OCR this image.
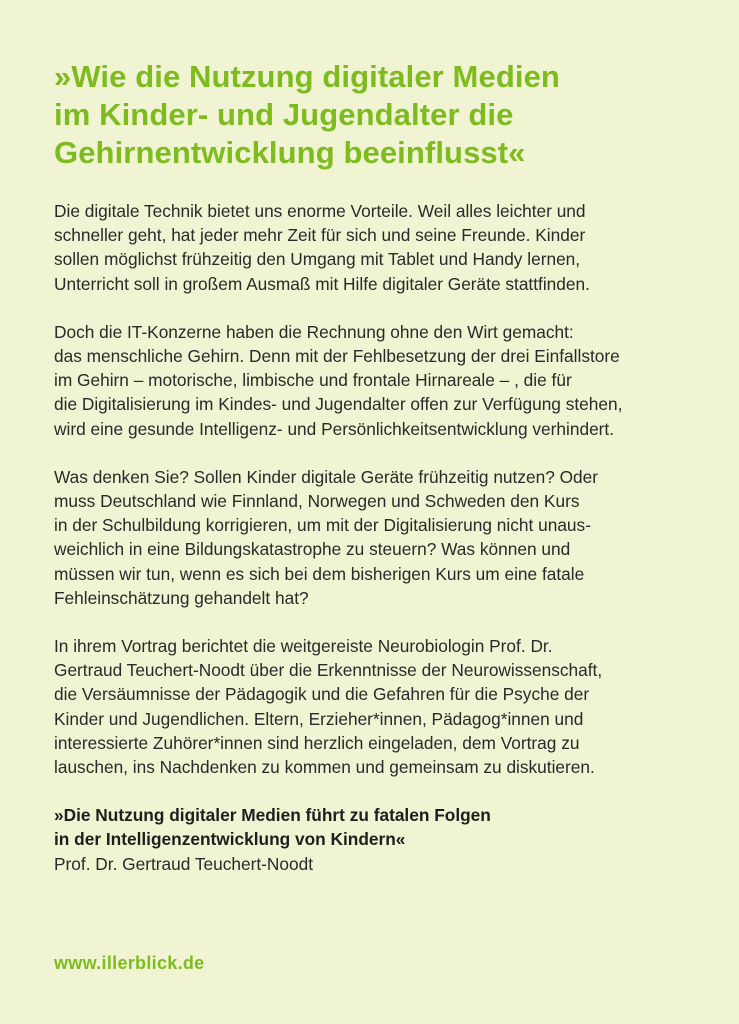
»Wie die Nutzung digitaler Medien
im Kinder- und Jugendalter die
Gehirnentwicklung beeinflusst«

Die digitale Technik bietet uns enorme Vorteile. Weil alles leichter und
schneller geht, hat jeder mehr Zeit für sich und seine Freunde. Kinder
sollen möglichst frühzeitig den Umgang mit Tablet und Handy lernen,
Unterricht soll in großem Ausmaß mit Hilfe digitaler Geräte stattfinden.

Doch die IT-Konzerne haben die Rechnung ohne den Wirt gemacht:
das menschliche Gehirn. Denn mit der Fehlbesetzung der drei Einfallstore
im Gehirn – motorische, limbische und frontale Hirnareale – , die für
die Digitalisierung im Kindes- und Jugendalter offen zur Verfügung stehen,
wird eine gesunde Intelligenz- und Persönlichkeitsentwicklung verhindert.

Was denken Sie? Sollen Kinder digitale Geräte frühzeitig nutzen? Oder
muss Deutschland wie Finnland, Norwegen und Schweden den Kurs
in der Schulbildung korrigieren, um mit der Digitalisierung nicht unaus-
weichlich in eine Bildungskatastrophe zu steuern? Was können und
müssen wir tun, wenn es sich bei dem bisherigen Kurs um eine fatale
Fehleinschätzung gehandelt hat?

In ihrem Vortrag berichtet die weitgereiste Neurobiologin Prof. Dr.
Gertraud Teuchert-Noodt über die Erkenntnisse der Neurowissenschaft,
die Versäumnisse der Pädagogik und die Gefahren für die Psyche der
Kinder und Jugendlichen. Eltern, Erzieher*innen, Pädagog*innen und
interessierte Zuhörer*innen sind herzlich eingeladen, dem Vortrag zu
lauschen, ins Nachdenken zu kommen und gemeinsam zu diskutieren.

»Die Nutzung digitaler Medien führt zu fatalen Folgen
in der Intelligenzentwicklung von Kindern«
Prof. Dr. Gertraud Teuchert-Noodt

www.illerblick.de
